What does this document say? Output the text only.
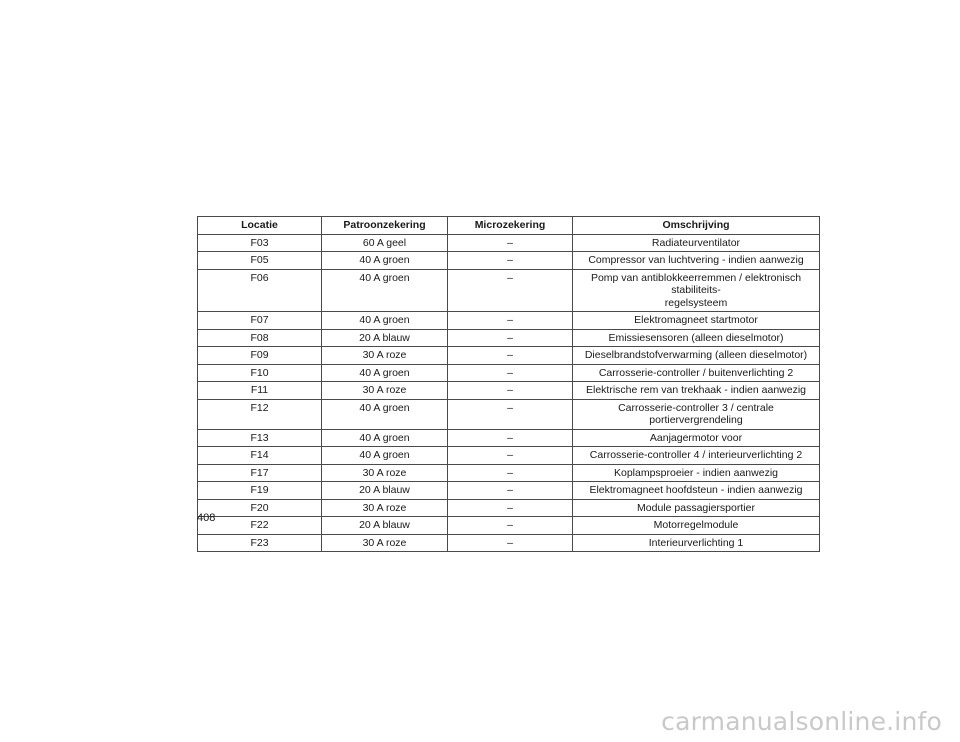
Locatie	Patroonzekering	Microzekering	Omschrijving
F03	60 A geel	–	Radiateurventilator
F05	40 A groen	–	Compressor van luchtvering - indien aanwezig
F06	40 A groen	–	Pomp van antiblokkeerremmen / elektronisch stabiliteits-
regelsysteem
F07	40 A groen	–	Elektromagneet startmotor
F08	20 A blauw	–	Emissiesensoren (alleen dieselmotor)
F09	30 A roze	–	Dieselbrandstofverwarming (alleen dieselmotor)
F10	40 A groen	–	Carrosserie-controller / buitenverlichting 2
F11	30 A roze	–	Elektrische rem van trekhaak - indien aanwezig
F12	40 A groen	–	Carrosserie-controller 3 / centrale portiervergrendeling
F13	40 A groen	–	Aanjagermotor voor
F14	40 A groen	–	Carrosserie-controller 4 / interieurverlichting 2
F17	30 A roze	–	Koplampsproeier - indien aanwezig
F19	20 A blauw	–	Elektromagneet hoofdsteun - indien aanwezig
F20	30 A roze	–	Module passagiersportier
F22	20 A blauw	–	Motorregelmodule
F23	30 A roze	–	Interieurverlichting 1
408
carmanualsonline.info
